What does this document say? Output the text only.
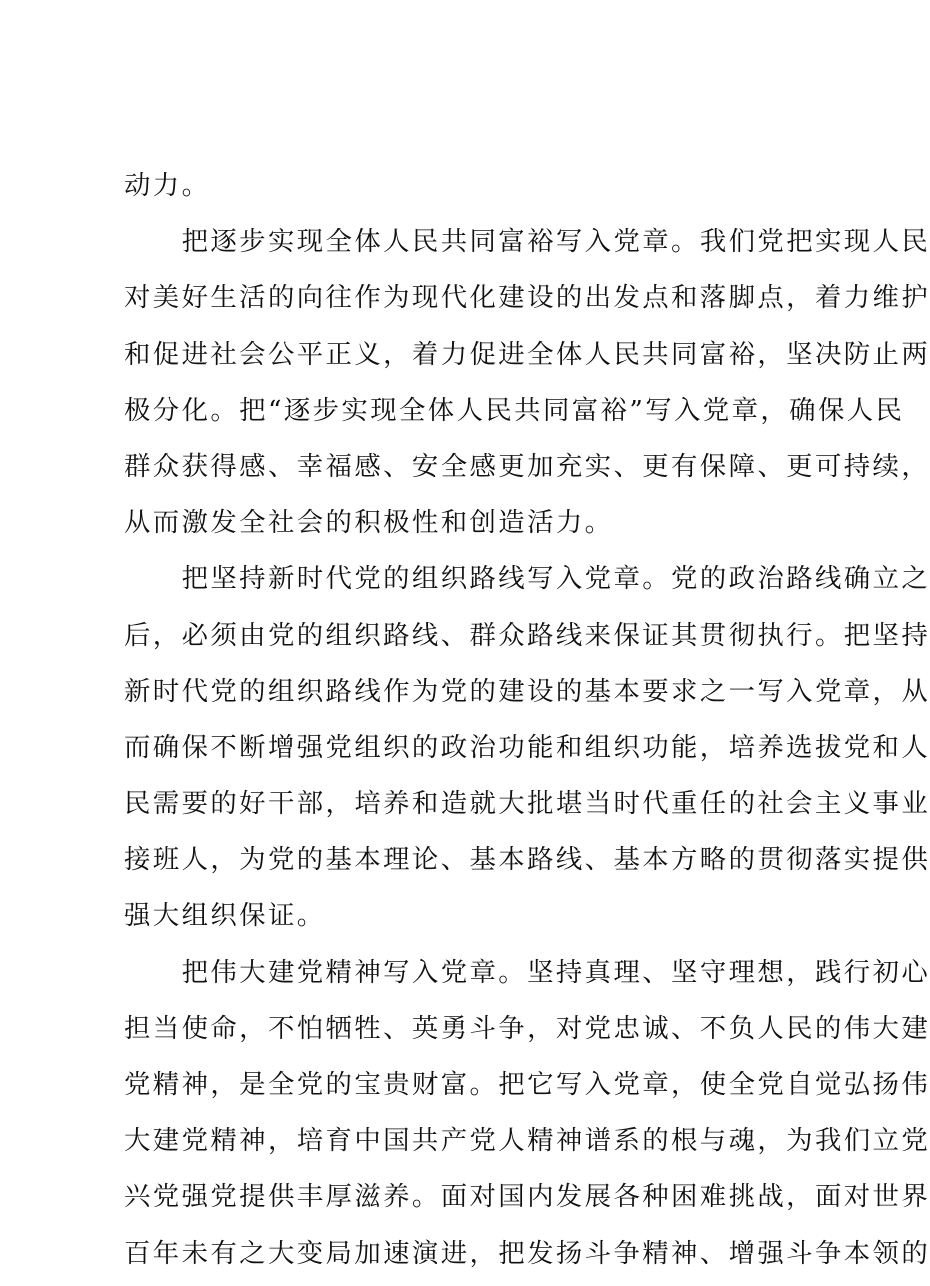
动力。
把逐步实现全体人民共同富裕写入党章。我们党把实现人民
对美好生活的向往作为现代化建设的出发点和落脚点，着力维护
和促进社会公平正义，着力促进全体人民共同富裕，坚决防止两
极分化。把“逐步实现全体人民共同富裕”写入党章，确保人民
群众获得感、幸福感、安全感更加充实、更有保障、更可持续，
从而激发全社会的积极性和创造活力。
把坚持新时代党的组织路线写入党章。党的政治路线确立之
后，必须由党的组织路线、群众路线来保证其贯彻执行。把坚持
新时代党的组织路线作为党的建设的基本要求之一写入党章，从
而确保不断增强党组织的政治功能和组织功能，培养选拔党和人
民需要的好干部，培养和造就大批堪当时代重任的社会主义事业
接班人，为党的基本理论、基本路线、基本方略的贯彻落实提供
强大组织保证。
把伟大建党精神写入党章。坚持真理、坚守理想，践行初心
担当使命，不怕牺牲、英勇斗争，对党忠诚、不负人民的伟大建
党精神，是全党的宝贵财富。把它写入党章，使全党自觉弘扬伟
大建党精神，培育中国共产党人精神谱系的根与魂，为我们立党
兴党强党提供丰厚滋养。面对国内发展各种困难挑战，面对世界
百年未有之大变局加速演进，把发扬斗争精神、增强斗争本领的
